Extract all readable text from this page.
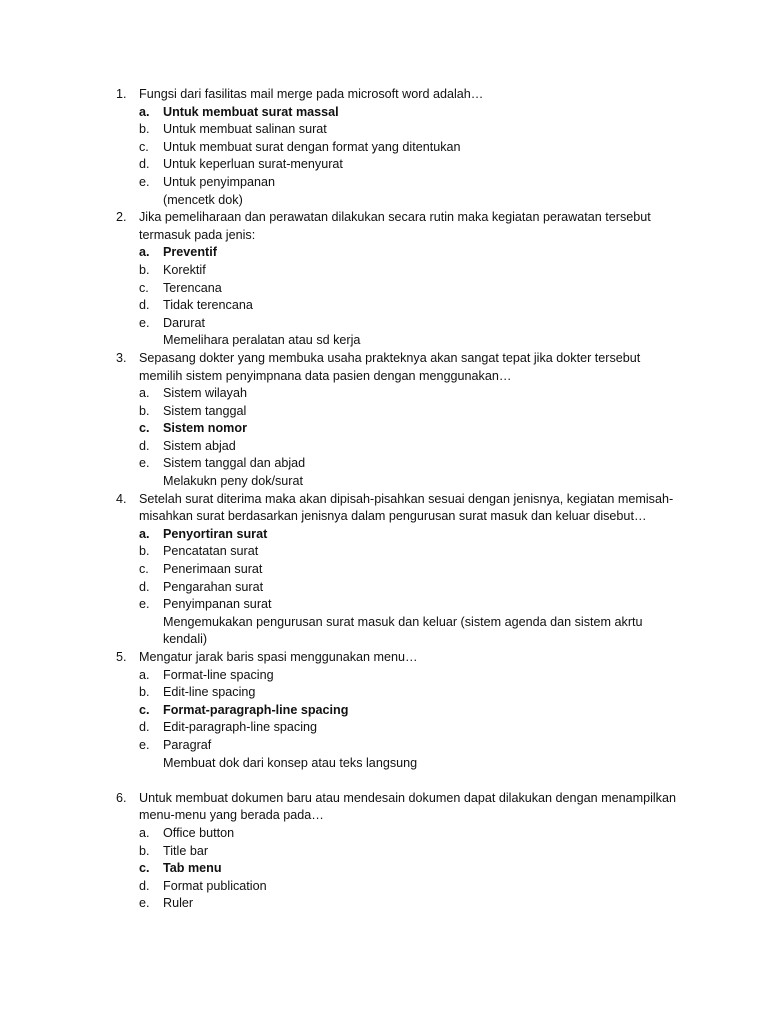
1. Fungsi dari fasilitas mail merge pada microsoft word adalah…
a. Untuk membuat surat massal
b. Untuk membuat salinan surat
c. Untuk membuat surat dengan format yang ditentukan
d. Untuk keperluan surat-menyurat
e. Untuk penyimpanan
(mencetk dok)
2. Jika pemeliharaan dan perawatan dilakukan secara rutin maka kegiatan perawatan tersebut termasuk pada jenis:
a. Preventif
b. Korektif
c. Terencana
d. Tidak terencana
e. Darurat
Memelihara peralatan atau sd kerja
3. Sepasang dokter yang membuka usaha prakteknya akan sangat tepat jika dokter tersebut memilih sistem penyimpnana data pasien dengan menggunakan…
a. Sistem wilayah
b. Sistem tanggal
c. Sistem nomor
d. Sistem abjad
e. Sistem tanggal dan abjad
Melakukn peny dok/surat
4. Setelah surat diterima maka akan dipisah-pisahkan sesuai dengan jenisnya, kegiatan memisah-misahkan surat berdasarkan jenisnya dalam pengurusan surat masuk dan keluar disebut…
a. Penyortiran surat
b. Pencatatan surat
c. Penerimaan surat
d. Pengarahan surat
e. Penyimpanan surat
Mengemukakan pengurusan surat masuk dan keluar (sistem agenda dan sistem akrtu kendali)
5. Mengatur jarak baris spasi menggunakan menu…
a. Format-line spacing
b. Edit-line spacing
c. Format-paragraph-line spacing
d. Edit-paragraph-line spacing
e. Paragraf
Membuat dok dari konsep atau teks langsung
6. Untuk membuat dokumen baru atau mendesain dokumen dapat dilakukan dengan menampilkan menu-menu yang berada pada…
a. Office button
b. Title bar
c. Tab menu
d. Format publication
e. Ruler
